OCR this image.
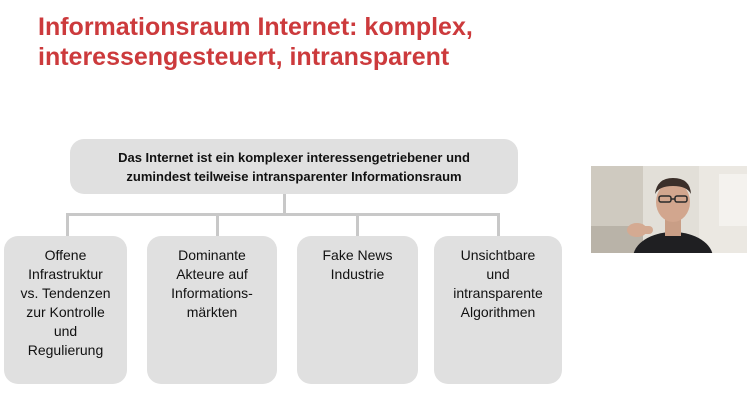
Informationsraum Internet: komplex,
interessengesteuert, intransparent
Das Internet ist ein komplexer interessengetriebener und
zumindest teilweise intransparenter Informationsraum
Offene
Infrastruktur
vs. Tendenzen
zur Kontrolle
und
Regulierung
Dominante
Akteure auf
Informations-
märkten
Fake News
Industrie
Unsichtbare
und
intransparente
Algorithmen
